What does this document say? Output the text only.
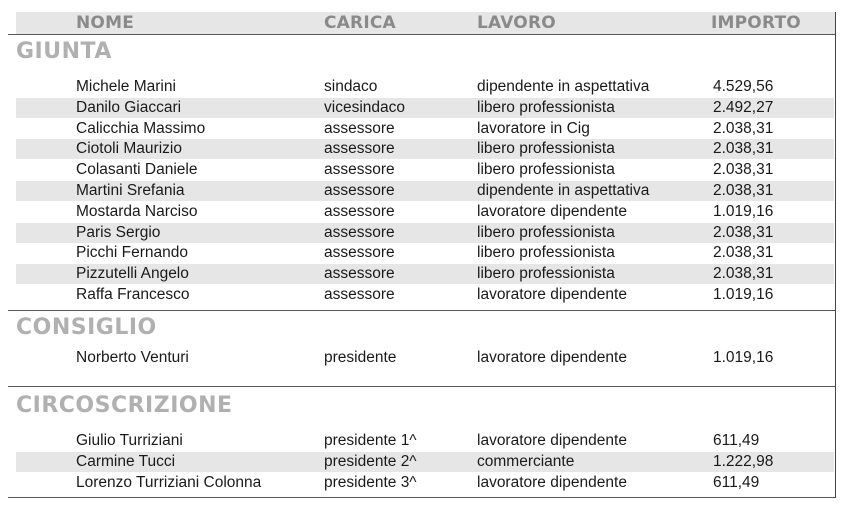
NOME	CARICA	LAVORO	IMPORTO
GIUNTA
Michele Marini	sindaco	dipendente in aspettativa	4.529,56
Danilo Giaccari	vicesindaco	libero professionista	2.492,27
Calicchia Massimo	assessore	lavoratore in Cig	2.038,31
Ciotoli Maurizio	assessore	libero professionista	2.038,31
Colasanti Daniele	assessore	libero professionista	2.038,31
Martini Srefania	assessore	dipendente in aspettativa	2.038,31
Mostarda Narciso	assessore	lavoratore dipendente	1.019,16
Paris Sergio	assessore	libero professionista	2.038,31
Picchi Fernando	assessore	libero professionista	2.038,31
Pizzutelli Angelo	assessore	libero professionista	2.038,31
Raffa Francesco	assessore	lavoratore dipendente	1.019,16
CONSIGLIO
Norberto Venturi	presidente	lavoratore dipendente	1.019,16
CIRCOSCRIZIONE
Giulio Turriziani	presidente 1^	lavoratore dipendente	611,49
Carmine Tucci	presidente 2^	commerciante	1.222,98
Lorenzo Turriziani Colonna	presidente 3^	lavoratore dipendente	611,49
